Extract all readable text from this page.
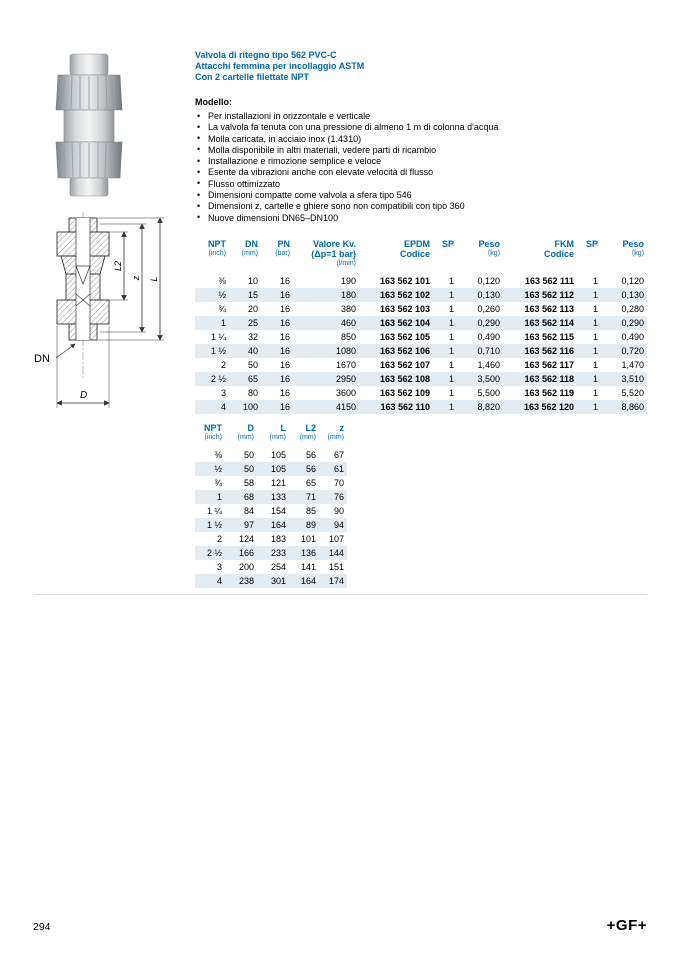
L2
z L
DN
D
Valvola di ritegno tipo 562 PVC-C
Attacchi femmina per incollaggio ASTM
Con 2 cartelle filettate NPT
Modello:
• Per installazioni in orizzontale e verticale
• La valvola fa tenuta con una pressione di almeno 1 m di colonna d'acqua
• Molla caricata, in acciaio inox (1.4310)
• Molla disponibile in altri materiali, vedere parti di ricambio
• Installazione e rimozione semplice e veloce
• Esente da vibrazioni anche con elevate velocità di flusso
• Flusso ottimizzato
• Dimensioni compatte come valvola a sfera tipo 546
• Dimensioni z, cartelle e ghiere sono non compatibili con tipo 360
• Nuove dimensioni DN65–DN100
NPT
(inch)

DN
(mm)

PN
(bar)

Valore Kv.
(Δp=1 bar)
(l/min)

EPDM
Codice

SP	Peso
(kg)

FKM
Codice

SP	Peso
(kg)

⅜	10	16	190	163 562 101	1	0,120	163 562 111	1	0,120
½	15	16	180	163 562 102	1	0,130	163 562 112	1	0,130
¾	20	16	380	163 562 103	1	0,260	163 562 113	1	0,280
1	25	16	460	163 562 104	1	0,290	163 562 114	1	0,290
1 ¼	32	16	850	163 562 105	1	0,490	163 562 115	1	0,490
1 ½	40	16	1080	163 562 106	1	0,710	163 562 116	1	0,720
2	50	16	1670	163 562 107	1	1,460	163 562 117	1	1,470
2 ½	65	16	2950	163 562 108	1	3,500	163 562 118	1	3,510
3	80	16	3600	163 562 109	1	5,500	163 562 119	1	5,520
4	100	16	4150	163 562 110	1	8,820	163 562 120	1	8,860
NPT
(inch)

D
(mm)

L
(mm)

L2
(mm)

z
(mm)

⅜	50	105	56	67
½	50	105	56	61
¾	58	121	65	70
1	68	133	71	76
1 ¼	84	154	85	90
1 ½	97	164	89	94
2	124	183	101	107
2 ½	166	233	136	144
3	200	254	141	151
4	238	301	164	174
294	+GF+
